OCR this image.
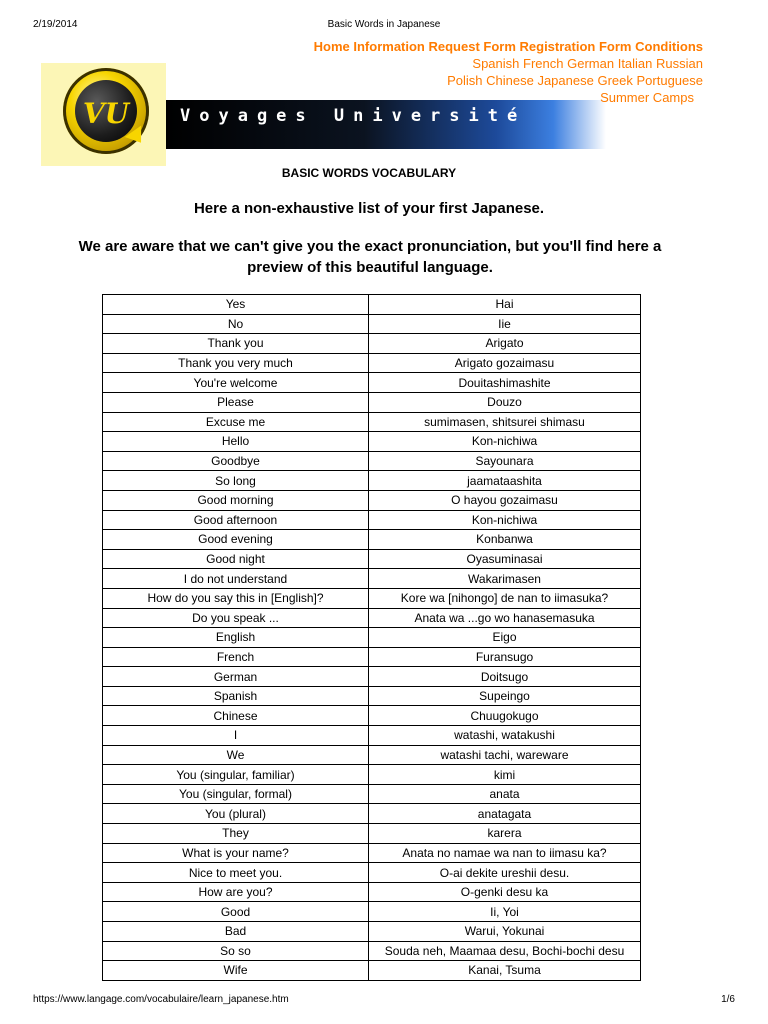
2/19/2014	Basic Words in Japanese
Voyages Université
VU
Home Information Request Form Registration Form Conditions
Spanish French German Italian Russian
Polish Chinese Japanese Greek Portuguese
Summer Camps
BASIC WORDS VOCABULARY
Here a non-exhaustive list of your first Japanese.
We are aware that we can't give you the exact pronunciation, but you'll find here a preview of this beautiful language.
Yes	Hai
No	Iie
Thank you	Arigato
Thank you very much	Arigato gozaimasu
You're welcome	Douitashimashite
Please	Douzo
Excuse me	sumimasen, shitsurei shimasu
Hello	Kon-nichiwa
Goodbye	Sayounara
So long	jaamataashita
Good morning	O hayou gozaimasu
Good afternoon	Kon-nichiwa
Good evening	Konbanwa
Good night	Oyasuminasai
I do not understand	Wakarimasen
How do you say this in [English]?	Kore wa [nihongo] de nan to iimasuka?
Do you speak ...	Anata wa ...go wo hanasemasuka
English	Eigo
French	Furansugo
German	Doitsugo
Spanish	Supeingo
Chinese	Chuugokugo
I	watashi, watakushi
We	watashi tachi, wareware
You (singular, familiar)	kimi
You (singular, formal)	anata
You (plural)	anatagata
They	karera
What is your name?	Anata no namae wa nan to iimasu ka?
Nice to meet you.	O-ai dekite ureshii desu.
How are you?	O-genki desu ka
Good	Ii, Yoi
Bad	Warui, Yokunai
So so	Souda neh, Maamaa desu, Bochi-bochi desu
Wife	Kanai, Tsuma
https://www.langage.com/vocabulaire/learn_japanese.htm	1/6
